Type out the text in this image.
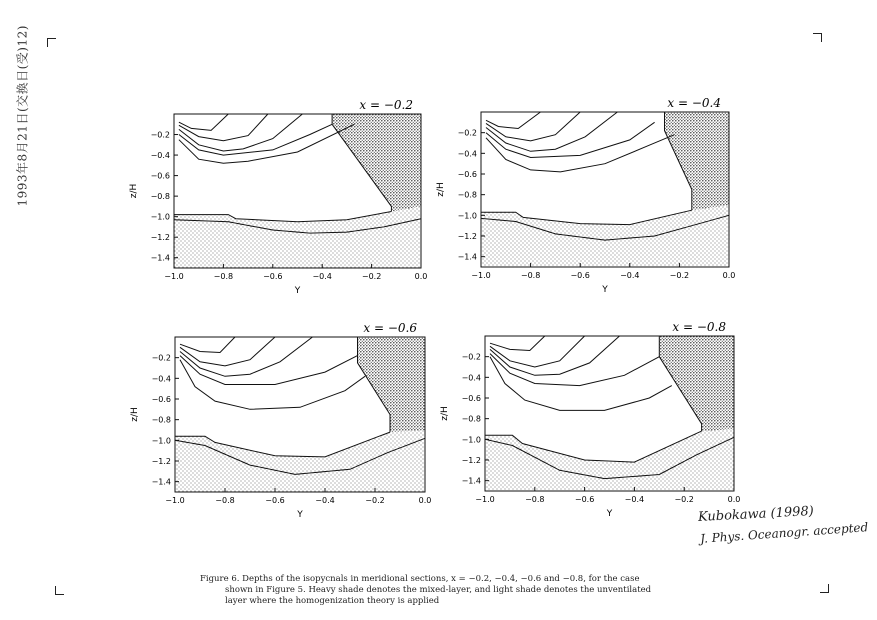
1993年8月21日(交換日(受)12)	−0.2
−0.4
−0.6
−0.8
−1.0
−1.2
−1.4
−1.0	−0.8	−0.6	−0.4	−0.2	0.0
Y
z/H
x = −0.2
−0.2
−0.4
−0.6
−0.8
−1.0
−1.2
−1.4
−1.0	−0.8	−0.6	−0.4	−0.2	0.0
Y
z/H
x = −0.4
−0.2
−0.4
−0.6
−0.8
−1.0
−1.2
−1.4
−1.0	−0.8	−0.6	−0.4	−0.2	0.0
Y
z/H
x = −0.6
−0.2
−0.4
−0.6
−0.8
−1.0
−1.2
−1.4
−1.0	−0.8	−0.6	−0.4	−0.2	0.0
Y
z/H
x = −0.8
Kubokawa (1998)
J. Phys. Oceanogr. accepted
Figure 6. Depths of the isopycnals in meridional sections, x = −0.2, −0.4, −0.6 and −0.8, for the case
shown in Figure 5. Heavy shade denotes the mixed-layer, and light shade denotes the unventilated
layer where the homogenization theory is applied
